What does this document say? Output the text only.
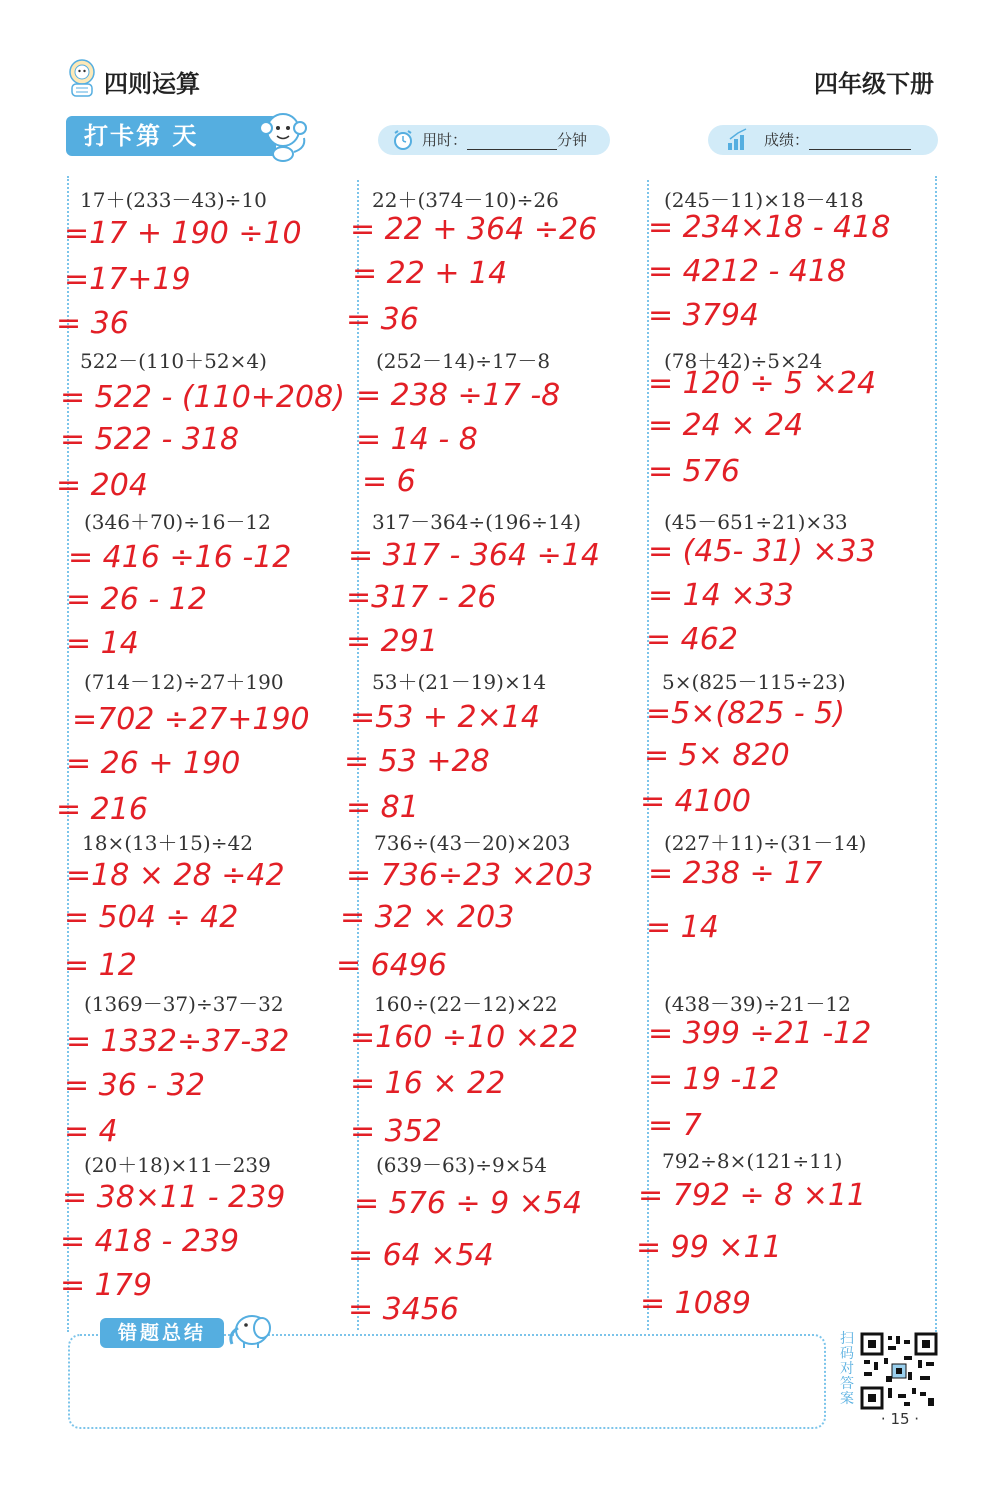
四则运算	四年级下册
打卡第 天	用时：	分钟	成绩：
17＋(233－43)÷10
=17 + 190 ÷10
=17+19
= 36
522－(110＋52×4)
= 522 - (110+208)
= 522 - 318
= 204
(346＋70)÷16－12
= 416 ÷16 -12
= 26 - 12
= 14
(714－12)÷27＋190
=702 ÷27+190
= 26 + 190
= 216
18×(13＋15)÷42
=18 × 28 ÷42
= 504 ÷ 42
= 12
(1369－37)÷37－32
= 1332÷37-32
= 36 - 32
= 4
(20＋18)×11－239
= 38×11 - 239
= 418 - 239
= 179
22＋(374－10)÷26
= 22 + 364 ÷26
= 22 + 14
= 36
(252－14)÷17－8
= 238 ÷17 -8
= 14 - 8
= 6
317－364÷(196÷14)
= 317 - 364 ÷14
=317 - 26
= 291
53＋(21－19)×14
=53 + 2×14
= 53 +28
= 81
736÷(43－20)×203
= 736÷23 ×203
= 32 × 203
= 6496
160÷(22－12)×22
=160 ÷10 ×22
= 16 × 22
= 352
(639－63)÷9×54
= 576 ÷ 9 ×54
= 64 ×54
= 3456
(245－11)×18－418
= 234×18 - 418
= 4212 - 418
= 3794
(78＋42)÷5×24
= 120 ÷ 5 ×24
= 24 × 24
= 576
(45－651÷21)×33
= (45- 31) ×33
= 14 ×33
= 462
5×(825－115÷23)
=5×(825 - 5)
= 5× 820
= 4100
(227＋11)÷(31－14)
= 238 ÷ 17
= 14
(438－39)÷21－12
= 399 ÷21 -12
= 19 -12
= 7
792÷8×(121÷11)
= 792 ÷ 8 ×11
= 99 ×11
= 1089
错题总结	扫码对答案
· 15 ·
